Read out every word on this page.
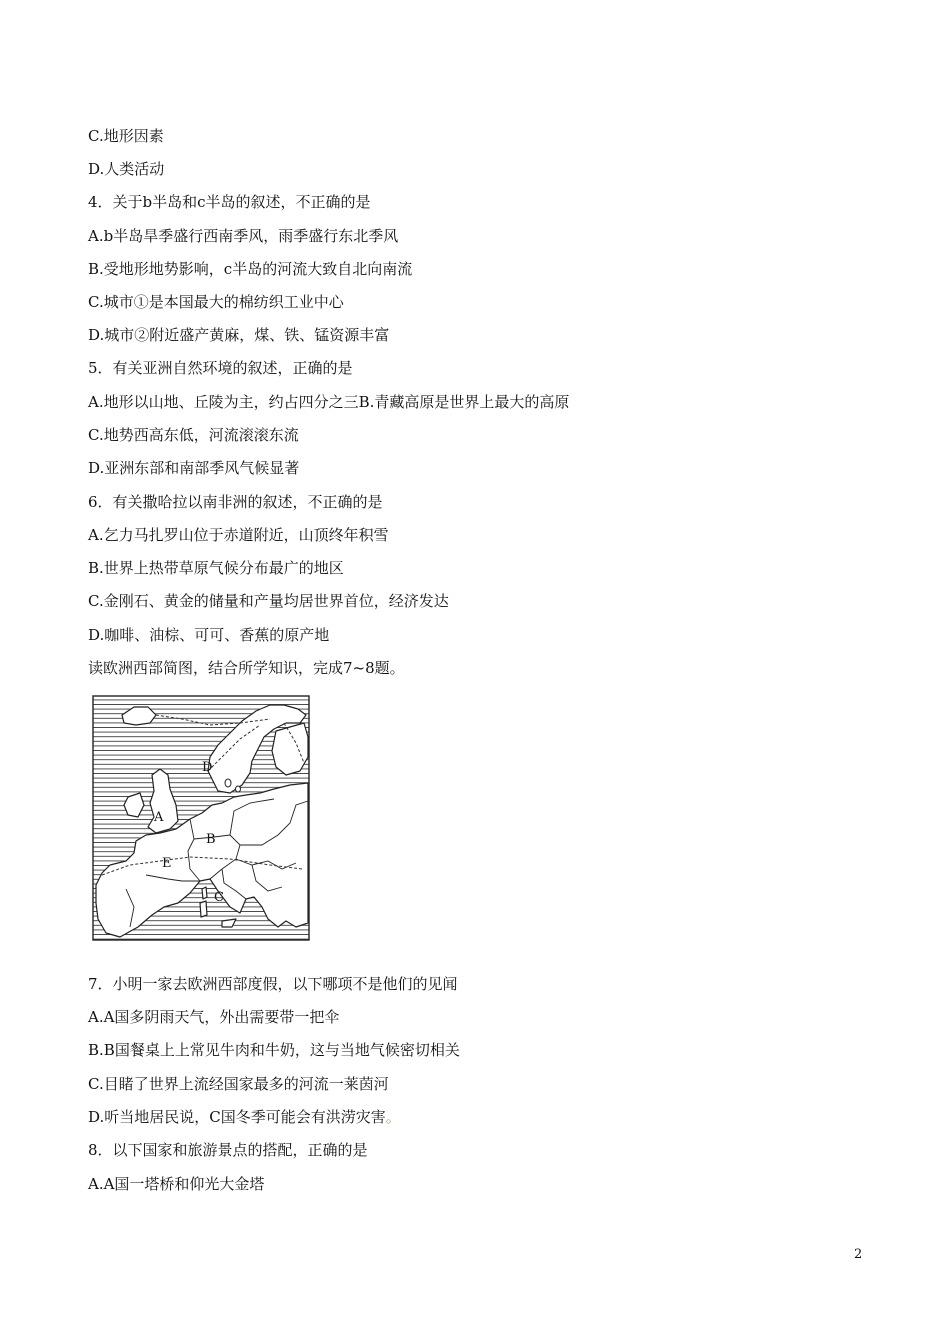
C.地形因素
D.人类活动
4．关于b半岛和c半岛的叙述，不正确的是
A.b半岛旱季盛行西南季风，雨季盛行东北季风
B.受地形地势影响，c半岛的河流大致自北向南流
C.城市①是本国最大的棉纺织工业中心
D.城市②附近盛产黄麻，煤、铁、锰资源丰富
5．有关亚洲自然环境的叙述，正确的是
A.地形以山地、丘陵为主，约占四分之三B.青藏高原是世界上最大的高原
C.地势西高东低，河流滚滚东流
D.亚洲东部和南部季风气候显著
6．有关撒哈拉以南非洲的叙述，不正确的是
A.乞力马扎罗山位于赤道附近，山顶终年积雪
B.世界上热带草原气候分布最广的地区
C.金刚石、黄金的储量和产量均居世界首位，经济发达
D.咖啡、油棕、可可、香蕉的原产地
读欧洲西部简图，结合所学知识，完成7~8题。
D
A
B
E
C
7．小明一家去欧洲西部度假，以下哪项不是他们的见闻
A.A国多阴雨天气，外出需要带一把伞
B.B国餐桌上上常见牛肉和牛奶，这与当地气候密切相关
C.目睹了世界上流经国家最多的河流一莱茵河
D.听当地居民说，C国冬季可能会有洪涝灾害。
8．以下国家和旅游景点的搭配，正确的是
A.A国一塔桥和仰光大金塔
2
